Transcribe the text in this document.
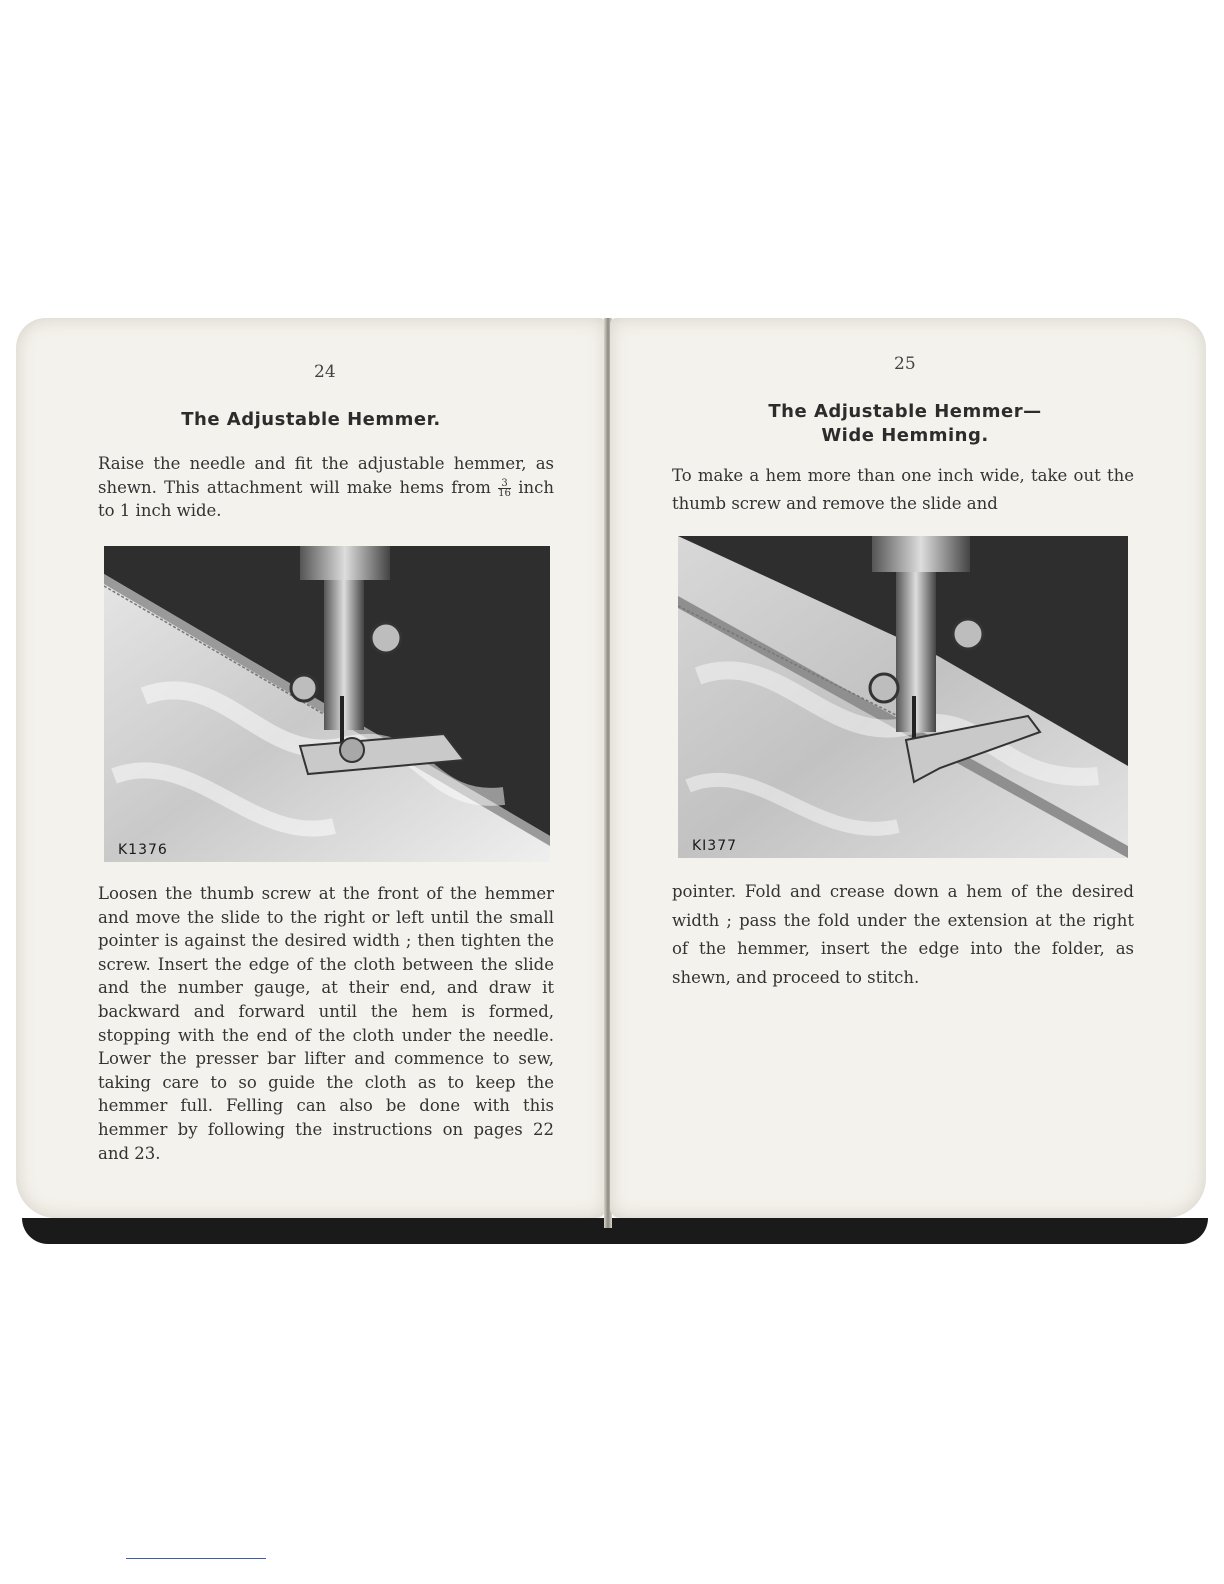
24
The Adjustable Hemmer.
Raise the needle and fit the adjustable hemmer, as shewn. This attachment will make hems from $\frac{3}{16}$ inch to 1 inch wide.
K1376
Loosen the thumb screw at the front of the hemmer and move the slide to the right or left until the small pointer is against the desired width ; then tighten the screw. Insert the edge of the cloth between the slide and the number gauge, at their end, and draw it backward and forward until the hem is formed, stopping with the end of the cloth under the needle. Lower the presser bar lifter and commence to sew, taking care to so guide the cloth as to keep the hemmer full. Felling can also be done with this hemmer by following the instructions on pages 22 and 23.
25
The Adjustable Hemmer—
Wide Hemming.
To make a hem more than one inch wide, take out the thumb screw and remove the slide and
KI377
pointer. Fold and crease down a hem of the desired width ; pass the fold under the extension at the right of the hemmer, insert the edge into the folder, as shewn, and proceed to stitch.
